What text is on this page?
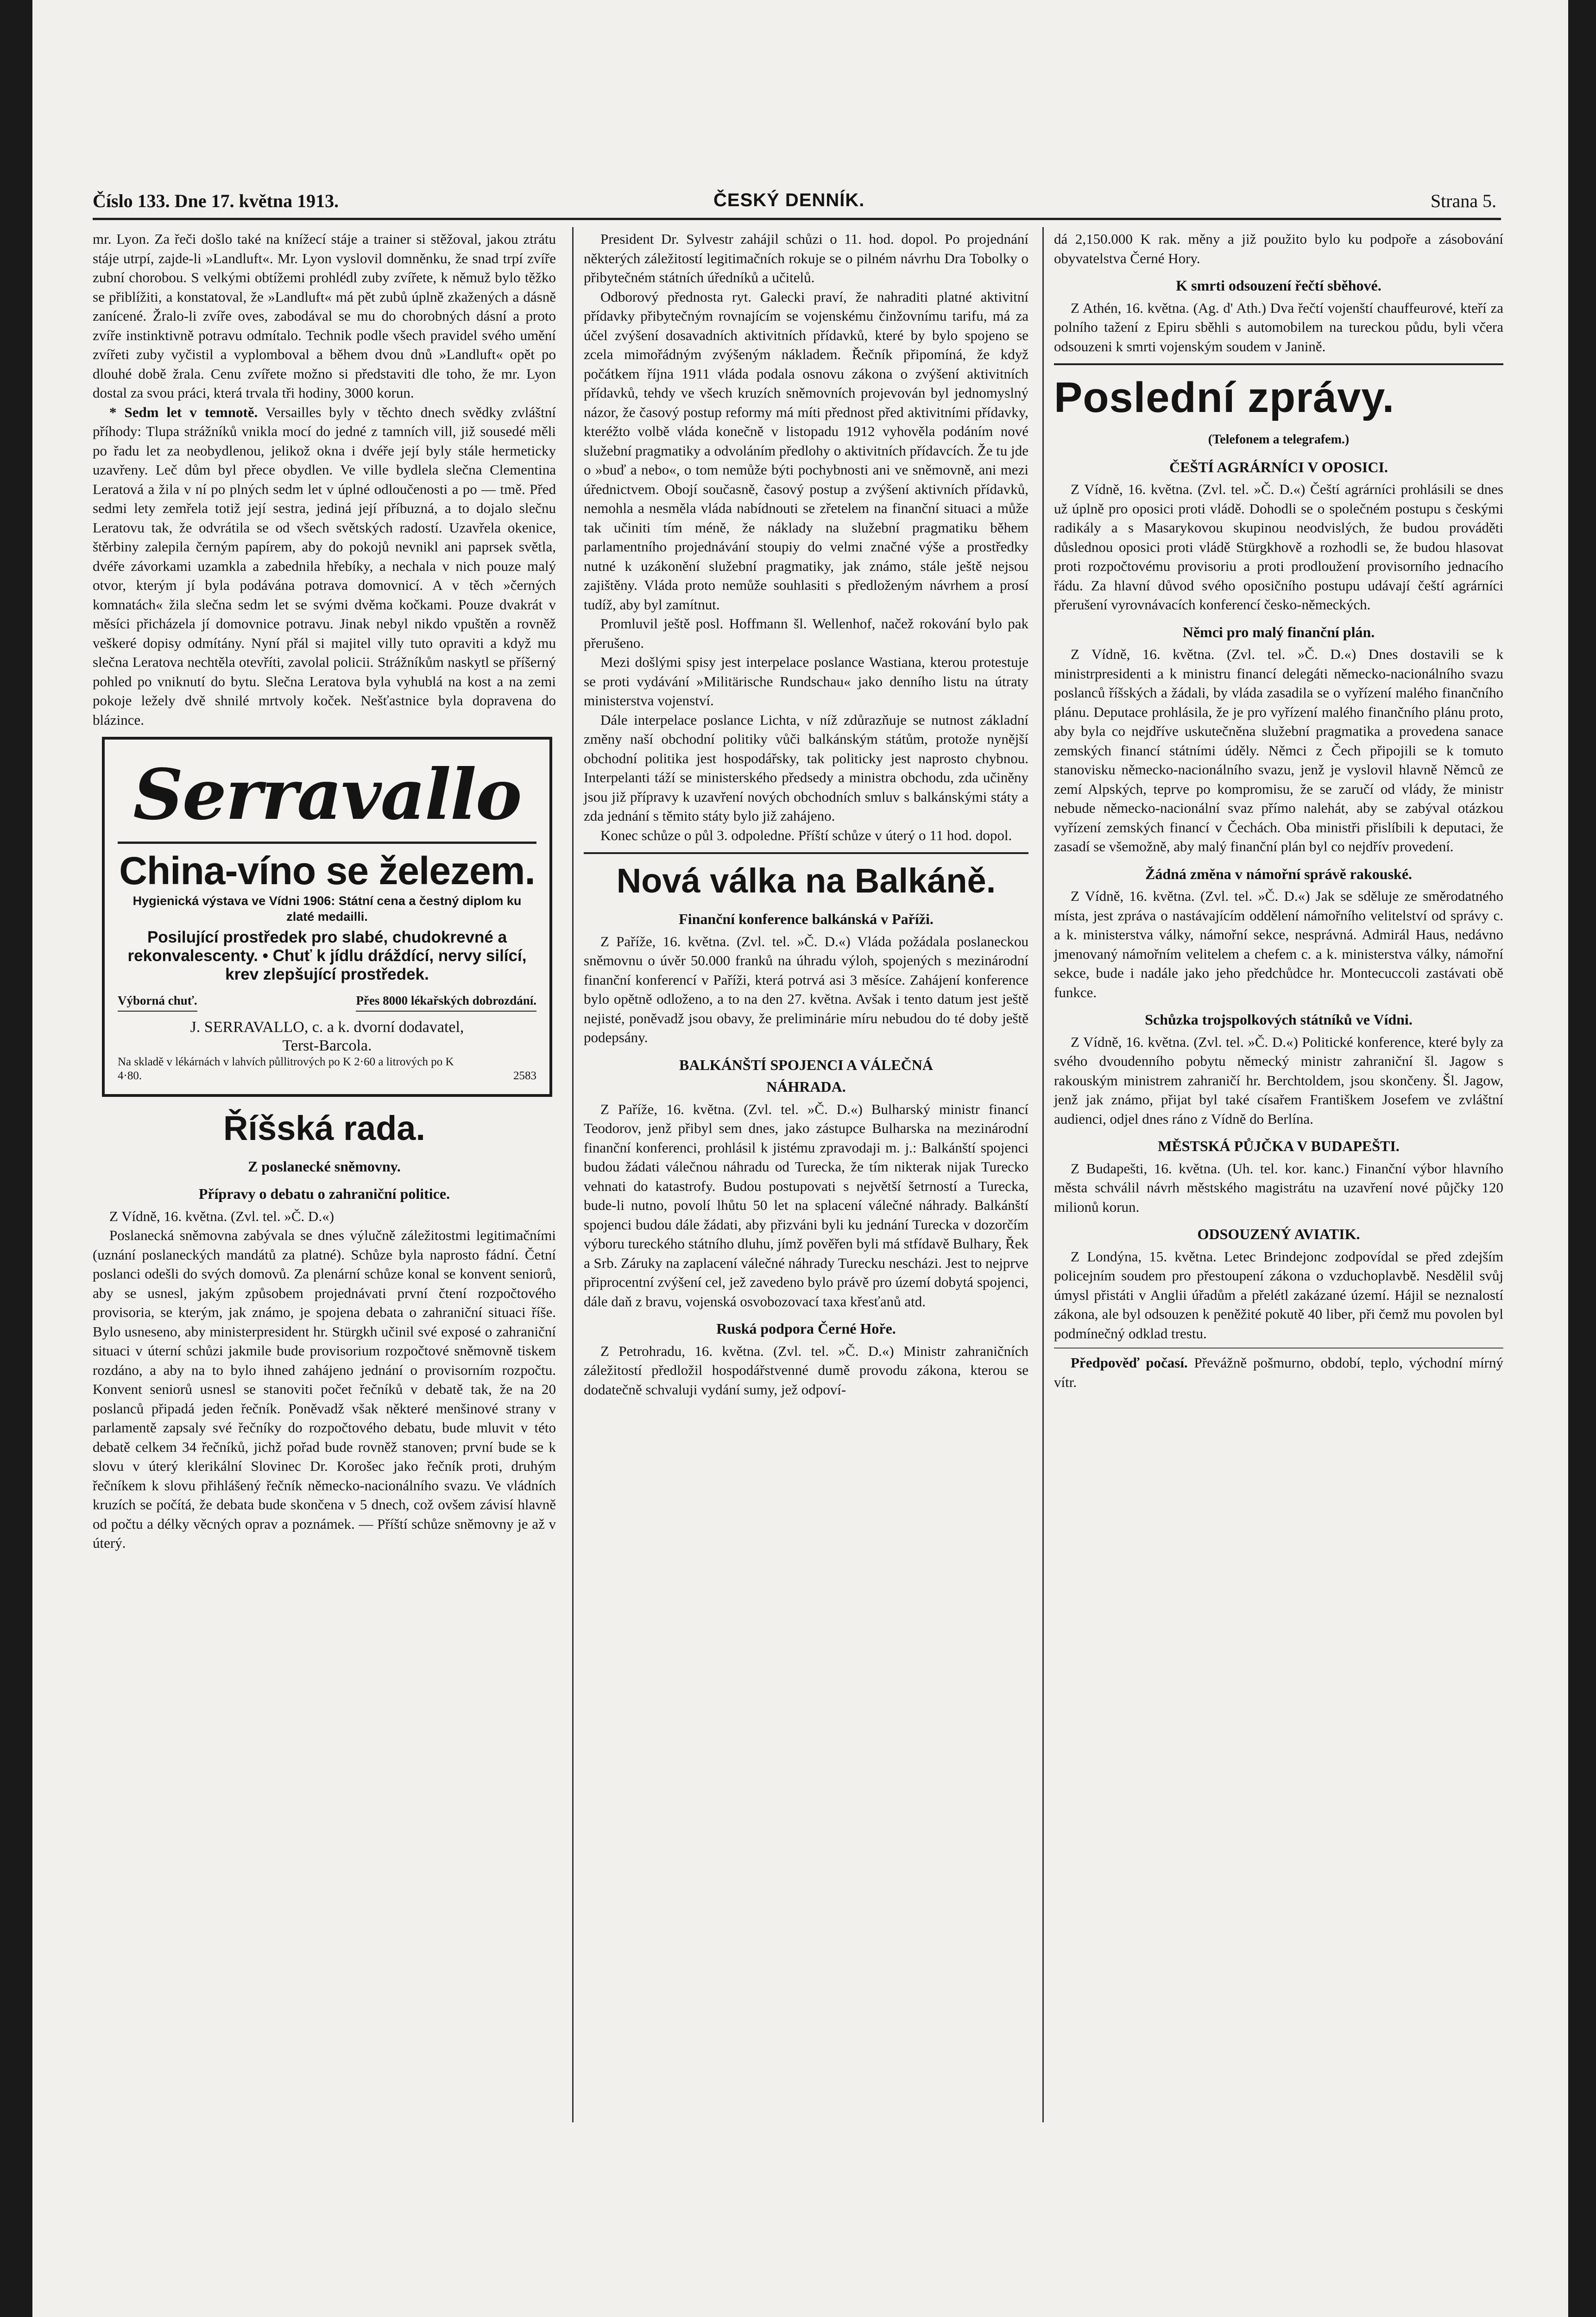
Číslo 133. Dne 17. května 1913.	ČESKÝ DENNÍK.	Strana 5.

mr. Lyon. Za řeči došlo také na knížecí stáje a trainer si stěžoval, jakou ztrátu stáje utrpí, zajde-li »Landluft«. Mr. Lyon vyslovil domněnku, že snad trpí zvíře zubní chorobou. S velkými obtížemi prohlédl zuby zvířete, k němuž bylo těžko se přiblížiti, a konstatoval, že »Landluft« má pět zubů úplně zkažených a dásně zanícené. Žralo-li zvíře oves, zabodával se mu do chorobných dásní a proto zvíře instinktivně potravu odmítalo. Technik podle všech pravidel svého umění zvířeti zuby vyčistil a vyplomboval a během dvou dnů »Landluft« opět po dlouhé době žrala. Cenu zvířete možno si představiti dle toho, že mr. Lyon dostal za svou práci, která trvala tři hodiny, 3000 korun.

* Sedm let v temnotě. Versailles byly v těchto dnech svědky zvláštní příhody: Tlupa strážníků vnikla mocí do jedné z tamních vill, již sousedé měli po řadu let za neobydlenou, jelikož okna i dvéře její byly stále hermeticky uzavřeny. Leč dům byl přece obydlen. Ve ville bydlela slečna Clementina Leratová a žila v ní po plných sedm let v úplné odloučenosti a po — tmě. Před sedmi lety zemřela totiž její sestra, jediná její příbuzná, a to dojalo slečnu Leratovu tak, že odvrátila se od všech světských radostí. Uzavřela okenice, štěrbiny zalepila černým papírem, aby do pokojů nevnikl ani paprsek světla, dvéře závorkami uzamkla a zabednila hřebíky, a nechala v nich pouze malý otvor, kterým jí byla podávána potrava domovnicí. A v těch »černých komnatách« žila slečna sedm let se svými dvěma kočkami. Pouze dvakrát v měsíci přicházela jí domovnice potravu. Jinak nebyl nikdo vpuštěn a rovněž veškeré dopisy odmítány. Nyní přál si majitel villy tuto opraviti a když mu slečna Leratova nechtěla otevříti, zavolal policii. Strážníkům naskytl se příšerný pohled po vniknutí do bytu. Slečna Leratova byla vyhublá na kost a na zemi pokoje ležely dvě shnilé mrtvoly koček. Nešťastnice byla dopravena do blázince.

Serravallo
China-víno se železem.
Hygienická výstava ve Vídni 1906: Státní cena a čestný diplom ku zlaté medailli.
Posilující prostředek pro slabé, chudokrevné a rekonvalescenty. • Chuť k jídlu dráždící, nervy silící, krev zlepšující prostředek.
Výborná chuť.	Přes 8000 lékařských dobrozdání.
J. SERRAVALLO, c. a k. dvorní dodavatel,
Terst-Barcola.
Na skladě v lékárnách v lahvích půllitrových po K 2·60 a litrových po K 4·80.	2583
Říšská rada.
Z poslanecké sněmovny.
Přípravy o debatu o zahraniční politice.

Z Vídně, 16. května. (Zvl. tel. »Č. D.«)

Poslanecká sněmovna zabývala se dnes výlučně záležitostmi legitimačními (uznání poslaneckých mandátů za platné). Schůze byla naprosto fádní. Četní poslanci odešli do svých domovů. Za plenární schůze konal se konvent seniorů, aby se usnesl, jakým způsobem projednávati první čtení rozpočtového provisoria, se kterým, jak známo, je spojena debata o zahraniční situaci říše. Bylo usneseno, aby ministerpresident hr. Stürgkh učinil své exposé o zahraniční situaci v úterní schůzi jakmile bude provisorium rozpočtové sněmovně tiskem rozdáno, a aby na to bylo ihned zahájeno jednání o provisorním rozpočtu. Konvent seniorů usnesl se stanoviti počet řečníků v debatě tak, že na 20 poslanců připadá jeden řečník. Poněvadž však některé menšinové strany v parlamentě zapsaly své řečníky do rozpočtového debatu, bude mluvit v této debatě celkem 34 řečníků, jichž pořad bude rovněž stanoven; první bude se k slovu v úterý klerikální Slovinec Dr. Korošec jako řečník proti, druhým řečníkem k slovu přihlášený řečník německo-nacionálního svazu. Ve vládních kruzích se počítá, že debata bude skončena v 5 dnech, což ovšem závisí hlavně od počtu a délky věcných oprav a poznámek. — Příští schůze sněmovny je až v úterý.

President Dr. Sylvestr zahájil schůzi o 11. hod. dopol. Po projednání některých záležitostí legitimačních rokuje se o pilném návrhu Dra Tobolky o přibytečném státních úředníků a učitelů.

Odborový přednosta ryt. Galecki praví, že nahraditi platné aktivitní přídavky přibytečným rovnajícím se vojenskému činžovnímu tarifu, má za účel zvýšení dosavadních aktivitních přídavků, které by bylo spojeno se zcela mimořádným zvýšeným nákladem. Řečník připomíná, že když počátkem října 1911 vláda podala osnovu zákona o zvýšení aktivitních přídavků, tehdy ve všech kruzích sněmovních projevován byl jednomyslný názor, že časový postup reformy má míti přednost před aktivitními přídavky, kteréžto volbě vláda konečně v listopadu 1912 vyhověla podáním nové služební pragmatiky a odvoláním předlohy o aktivitních přídavcích. Že tu jde o »buď a nebo«, o tom nemůže býti pochybnosti ani ve sněmovně, ani mezi úřednictvem. Obojí současně, časový postup a zvýšení aktivních přídavků, nemohla a nesměla vláda nabídnouti se zřetelem na finanční situaci a může tak učiniti tím méně, že náklady na služební pragmatiku během parlamentního projednávání stoupiy do velmi značné výše a prostředky nutné k uzákonění služební pragmatiky, jak známo, stále ještě nejsou zajištěny. Vláda proto nemůže souhlasiti s předloženým návrhem a prosí tudíž, aby byl zamítnut.

Promluvil ještě posl. Hoffmann šl. Wellenhof, načež rokování bylo pak přerušeno.

Mezi došlými spisy jest interpelace poslance Wastiana, kterou protestuje se proti vydávání »Militärische Rundschau« jako denního listu na útraty ministerstva vojenství.

Dále interpelace poslance Lichta, v níž zdůrazňuje se nutnost základní změny naší obchodní politiky vůči balkánským státům, protože nynější obchodní politika jest hospodářsky, tak politicky jest naprosto chybnou. Interpelanti táží se ministerského předsedy a ministra obchodu, zda učiněny jsou již přípravy k uzavření nových obchodních smluv s balkánskými státy a zda jednání s těmito státy bylo již zahájeno.

Konec schůze o půl 3. odpoledne. Příští schůze v úterý o 11 hod. dopol.

Nová válka na Balkáně.
Finanční konference balkánská v Paříži.

Z Paříže, 16. května. (Zvl. tel. »Č. D.«) Vláda požádala poslaneckou sněmovnu o úvěr 50.000 franků na úhradu výloh, spojených s mezinárodní finanční konferencí v Paříži, která potrvá asi 3 měsíce. Zahájení konference bylo opětně odloženo, a to na den 27. května. Avšak i tento datum jest ještě nejisté, poněvadž jsou obavy, že preliminárie míru nebudou do té doby ještě podepsány.

BALKÁNŠTÍ SPOJENCI A VÁLEČNÁ
NÁHRADA.

Z Paříže, 16. května. (Zvl. tel. »Č. D.«) Bulharský ministr financí Teodorov, jenž přibyl sem dnes, jako zástupce Bulharska na mezinárodní finanční konferenci, prohlásil k jistému zpravodaji m. j.: Balkánští spojenci budou žádati válečnou náhradu od Turecka, že tím nikterak nijak Turecko vehnati do katastrofy. Budou postupovati s největší šetrností a Turecka, bude-li nutno, povolí lhůtu 50 let na splacení válečné náhrady. Balkánští spojenci budou dále žádati, aby přizváni byli ku jednání Turecka v dozorčím výboru tureckého státního dluhu, jímž pověřen byli má stfídavě Bulhary, Řek a Srb. Záruky na zaplacení válečné náhrady Turecku nescházi. Jest to nejprve připrocentní zvýšení cel, jež zavedeno bylo právě pro území dobytá spojenci, dále daň z bravu, vojenská osvobozovací taxa křesťanů atd.

Ruská podpora Černé Hoře.

Z Petrohradu, 16. května. (Zvl. tel. »Č. D.«) Ministr zahraničních záležitostí předložil hospodářstvenné dumě provodu zákona, kterou se dodatečně schvaluji vydání sumy, jež odpoví-

dá 2,150.000 K rak. měny a již použito bylo ku podpoře a zásobování obyvatelstva Černé Hory.

K smrti odsouzení řečtí sběhové.

Z Athén, 16. května. (Ag. d' Ath.) Dva řečtí vojenští chauffeurové, kteří za polního tažení z Epiru sběhli s automobilem na tureckou půdu, byli včera odsouzeni k smrti vojenským soudem v Janině.

Poslední zprávy.
(Telefonem a telegrafem.)
ČEŠTÍ AGRÁRNÍCI V OPOSICI.

Z Vídně, 16. května. (Zvl. tel. »Č. D.«) Čeští agrárníci prohlásili se dnes už úplně pro oposici proti vládě. Dohodli se o společném postupu s českými radikály a s Masarykovou skupinou neodvislých, že budou prováděti důslednou oposici proti vládě Stürgkhově a rozhodli se, že budou hlasovat proti rozpočtovému provisoriu a proti prodloužení provisorního jednacího řádu. Za hlavní důvod svého oposičního postupu udávají čeští agrárníci přerušení vyrovnávacích konferencí česko-německých.

Němci pro malý finanční plán.

Z Vídně, 16. května. (Zvl. tel. »Č. D.«) Dnes dostavili se k ministrpresidenti a k ministru financí delegáti německo-nacionálního svazu poslanců říšských a žádali, by vláda zasadila se o vyřízení malého finančního plánu. Deputace prohlásila, že je pro vyřízení malého finančního plánu proto, aby byla co nejdříve uskutečněna služební pragmatika a provedena sanace zemských financí státními úděly. Němci z Čech připojili se k tomuto stanovisku německo-nacionálního svazu, jenž je vyslovil hlavně Němců ze zemí Alpských, teprve po kompromisu, že se zaručí od vlády, že ministr nebude německo-nacionální svaz přímo nalehát, aby se zabýval otázkou vyřízení zemských financí v Čechách. Oba ministři přislíbili k deputaci, že zasadí se všemožně, aby malý finanční plán byl co nejdřív provedení.

Žádná změna v námořní správě rakouské.

Z Vídně, 16. května. (Zvl. tel. »Č. D.«) Jak se sděluje ze směrodatného místa, jest zpráva o nastávajícím oddělení námořního velitelství od správy c. a k. ministerstva války, námořní sekce, nesprávná. Admirál Haus, nedávno jmenovaný námořním velitelem a chefem c. a k. ministerstva války, námořní sekce, bude i nadále jako jeho předchůdce hr. Montecuccoli zastávati obě funkce.

Schůzka trojspolkových státníků ve Vídni.

Z Vídně, 16. května. (Zvl. tel. »Č. D.«) Politické konference, které byly za svého dvoudenního pobytu německý ministr zahraniční šl. Jagow s rakouským ministrem zahraničí hr. Berchtoldem, jsou skončeny. Šl. Jagow, jenž jak známo, přijat byl také císařem Františkem Josefem ve zvláštní audienci, odjel dnes ráno z Vídně do Berlína.

MĚSTSKÁ PŮJČKA V BUDAPEŠTI.

Z Budapešti, 16. května. (Uh. tel. kor. kanc.) Finanční výbor hlavního města schválil návrh městského magistrátu na uzavření nové půjčky 120 milionů korun.

ODSOUZENÝ AVIATIK.

Z Londýna, 15. května. Letec Brindejonc zodpovídal se před zdejším policejním soudem pro přestoupení zákona o vzduchoplavbě. Nesdělil svůj úmysl přistáti v Anglii úřadům a přelétl zakázané území. Hájil se neznalostí zákona, ale byl odsouzen k peněžité pokutě 40 liber, při čemž mu povolen byl podmínečný odklad trestu.

Předpověď počasí. Převážně pošmurno, období, teplo, východní mírný vítr.
